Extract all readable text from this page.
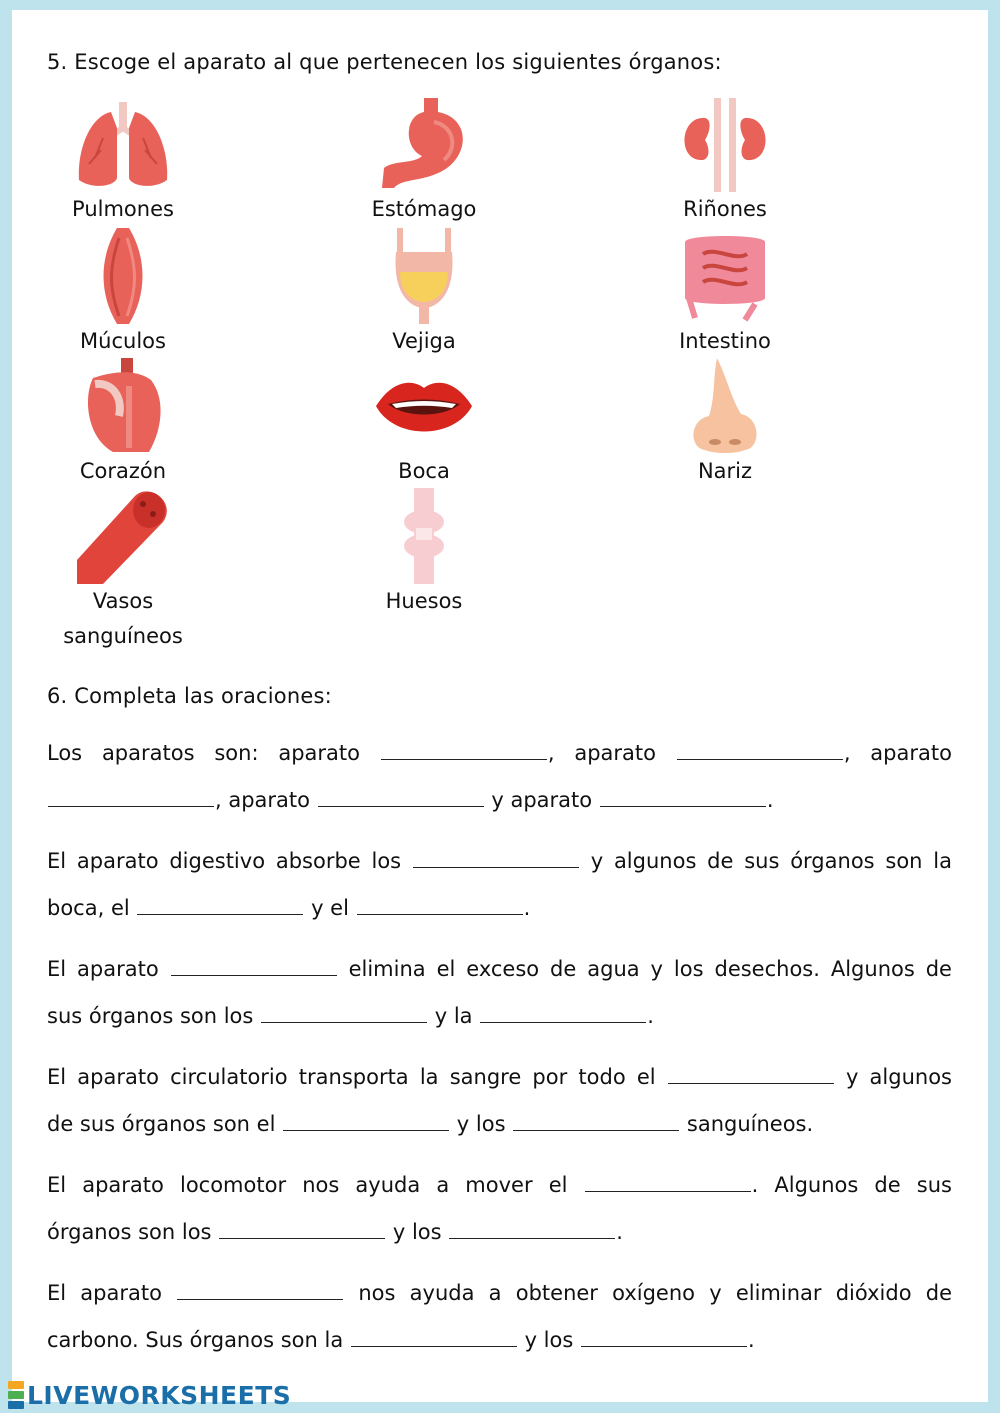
5. Escoge el aparato al que pertenecen los siguientes órganos:
Pulmones	Estómago	Riñones
Múculos	Vejiga	Intestino
Corazón	Boca	Nariz
Vasos
sanguíneos
Huesos
6. Completa las oraciones:
Los aparatos son: aparato	, aparato	, aparato
, aparato	y aparato	.
El aparato digestivo absorbe los	y algunos de sus órganos son la
boca, el	y el	.
El aparato	elimina el exceso de agua y los desechos. Algunos de
sus órganos son los	y la	.
El aparato circulatorio transporta la sangre por todo el	y algunos
de sus órganos son el	y los	sanguíneos.
El aparato locomotor nos ayuda a mover el	. Algunos de sus
órganos son los	y los	.
El aparato	nos ayuda a obtener oxígeno y eliminar dióxido de
carbono. Sus órganos son la	y los	.
LIVEWORKSHEETS
